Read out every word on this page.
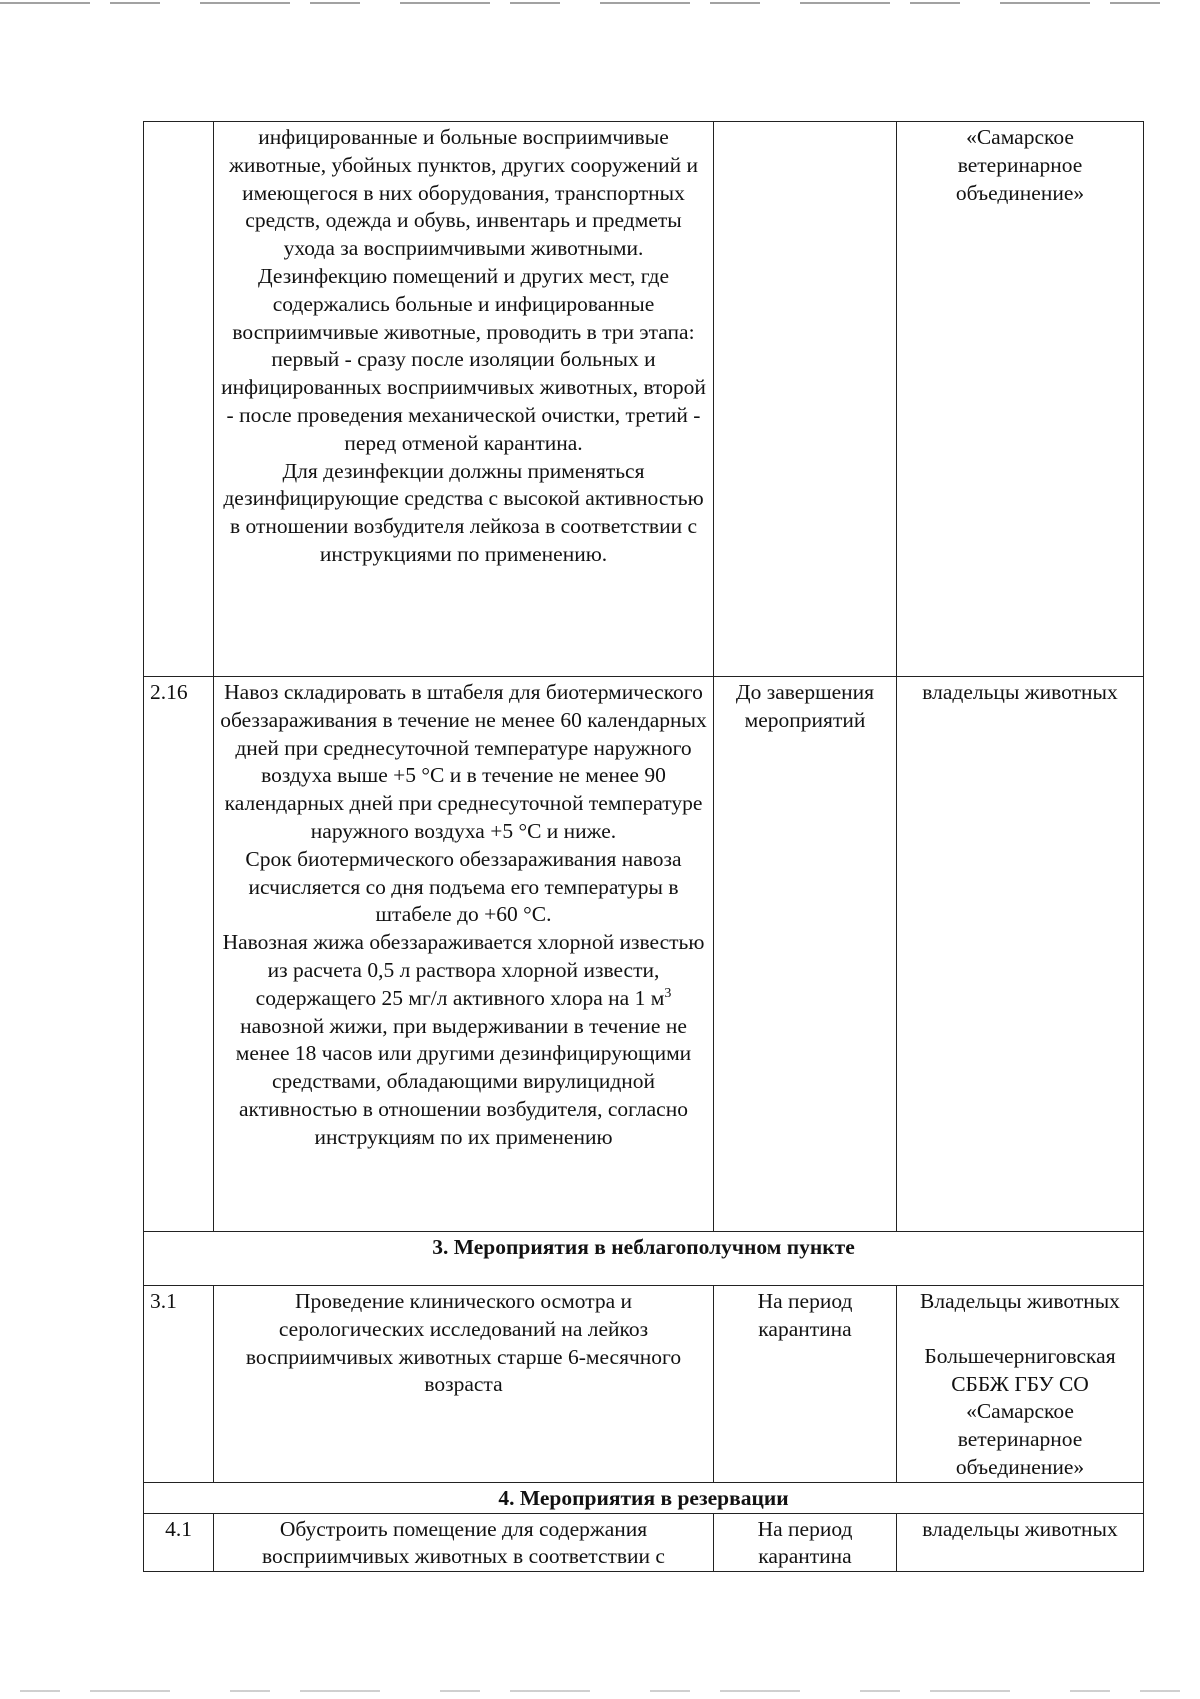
	инфицированные и больные восприимчивые животные, убойных пунктов, других сооружений и имеющегося в них оборудования, транспортных средств, одежда и обувь, инвентарь и предметы ухода за восприимчивыми животными.

Дезинфекцию помещений и других мест, где содержались больные и инфицированные восприимчивые животные, проводить в три этапа: первый - сразу после изоляции больных и инфицированных восприимчивых животных, второй - после проведения механической очистки, третий - перед отменой карантина.

Для дезинфекции должны применяться дезинфицирующие средства с высокой активностью в отношении возбудителя лейкоза в соответствии с инструкциями по применению.		«Самарское ветеринарное объединение»
2.16	Навоз складировать в штабеля для биотермического обеззараживания в течение не менее 60 календарных дней при среднесуточной температуре наружного воздуха выше +5 °С и в течение не менее 90 календарных дней при среднесуточной температуре наружного воздуха +5 °С и ниже.

Срок биотермического обеззараживания навоза исчисляется со дня подъема его температуры в штабеле до +60 °С.

Навозная жижа обеззараживается хлорной известью из расчета 0,5 л раствора хлорной извести, содержащего 25 мг/л активного хлора на 1 $м^3$ навозной жижи, при выдерживании в течение не менее 18 часов или другими дезинфицирующими средствами, обладающими вирулицидной активностью в отношении возбудителя, согласно инструкциям по их применению	До завершения мероприятий	владельцы животных
3. Мероприятия в неблагополучном пункте			
3.1	Проведение клинического осмотра и серологических исследований на лейкоз восприимчивых животных старше 6-месячного возраста	На период карантина	Владельцы животных
Большечерниговская СББЖ ГБУ СО «Самарское ветеринарное объединение»

4. Мероприятия в резервации			
4.1	Обустроить помещение для содержания восприимчивых животных в соответствии с	На период карантина	владельцы животных
